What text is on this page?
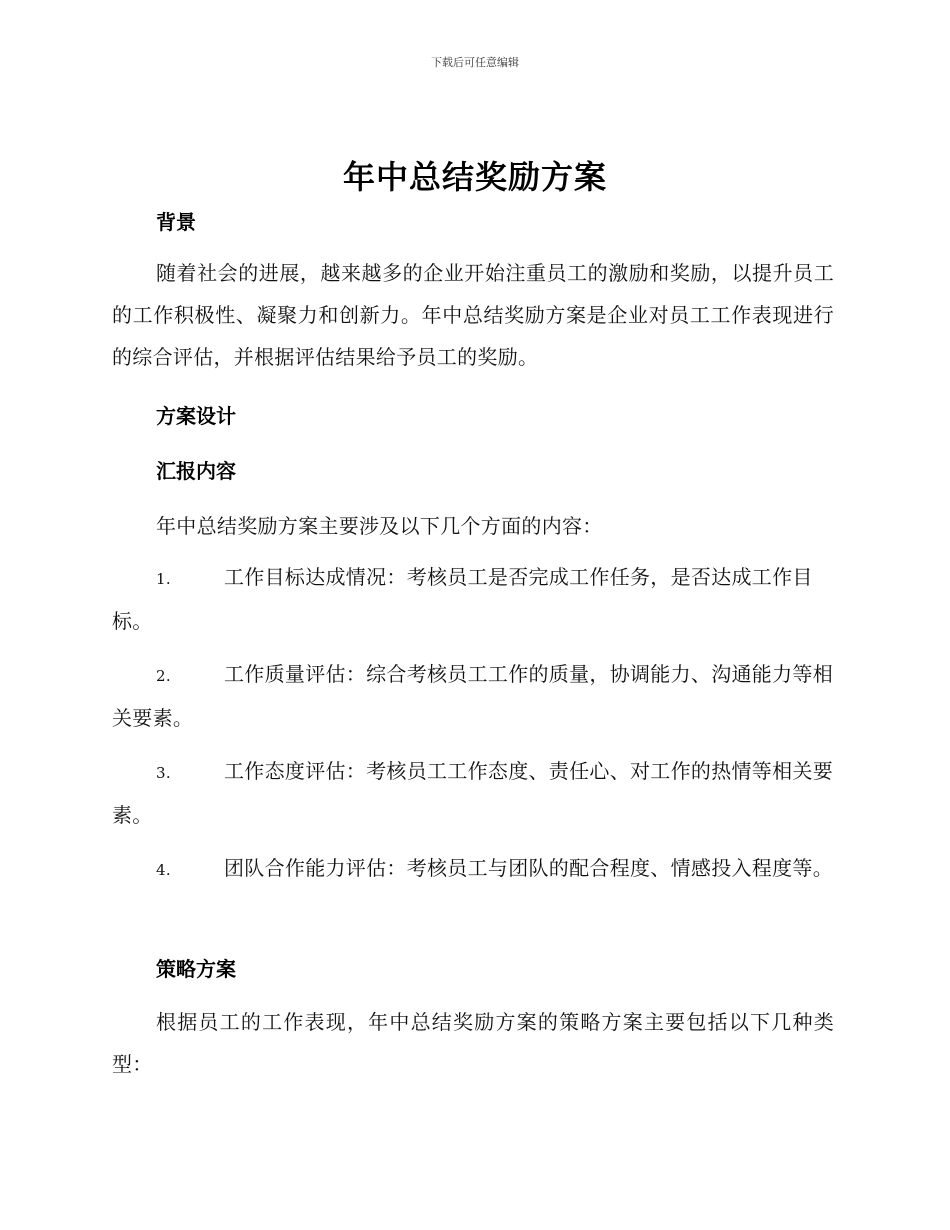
下载后可任意编辑
年中总结奖励方案
背景

随着社会的进展，越来越多的企业开始注重员工的激励和奖励，以提升员工的工作积极性、凝聚力和创新力。年中总结奖励方案是企业对员工工作表现进行的综合评估，并根据评估结果给予员工的奖励。

方案设计
汇报内容

年中总结奖励方案主要涉及以下几个方面的内容：

1.	工作目标达成情况：考核员工是否完成工作任务，是否达成工作目标。

2.	工作质量评估：综合考核员工工作的质量，协调能力、沟通能力等相关要素。

3.	工作态度评估：考核员工工作态度、责任心、对工作的热情等相关要素。

4.	团队合作能力评估：考核员工与团队的配合程度、情感投入程度等。

策略方案

根据员工的工作表现，年中总结奖励方案的策略方案主要包括以下几种类型：
